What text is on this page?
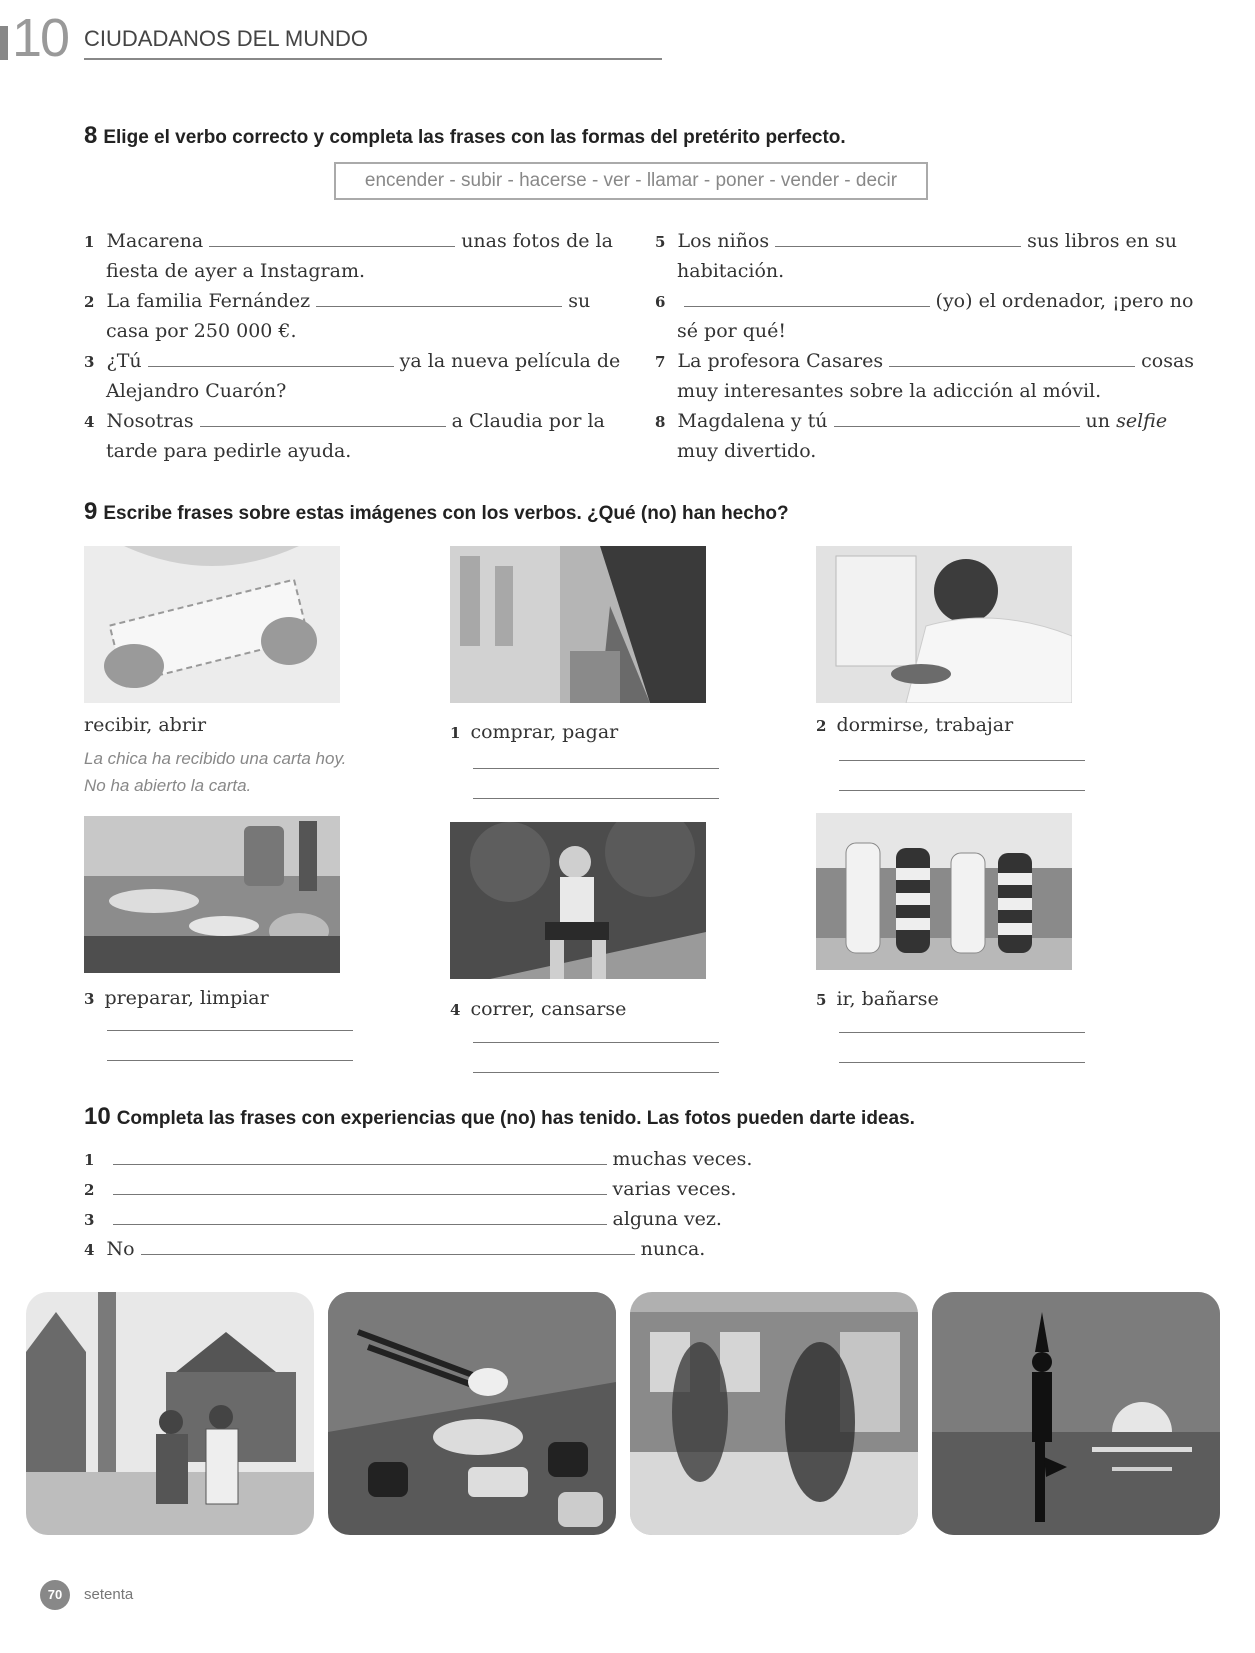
10 CIUDADANOS DEL MUNDO
8 Elige el verbo correcto y completa las frases con las formas del pretérito perfecto.
encender - subir - hacerse - ver - llamar - poner - vender - decir
1 Macarena	unas fotos de la
fiesta de ayer a Instagram.
2 La familia Fernández	su
casa por 250 000 €.
3 ¿Tú	ya la nueva película de
Alejandro Cuarón?
4 Nosotras	a Claudia por la
tarde para pedirle ayuda.
5 Los niños	sus libros en su
habitación.
6	(yo) el ordenador, ¡pero no
sé por qué!
7 La profesora Casares	cosas
muy interesantes sobre la adicción al móvil.
8 Magdalena y tú	un selfie
muy divertido.
9 Escribe frases sobre estas imágenes con los verbos. ¿Qué (no) han hecho?
recibir, abrir
La chica ha recibido una carta hoy.
No ha abierto la carta.
1 comprar, pagar	2 dormirse, trabajar
3 preparar, limpiar
4 correr, cansarse	5 ir, bañarse
10 Completa las frases con experiencias que (no) has tenido. Las fotos pueden darte ideas.
1	muchas veces.
2	varias veces.
3	alguna vez.
4 No	nunca.
70	setenta
